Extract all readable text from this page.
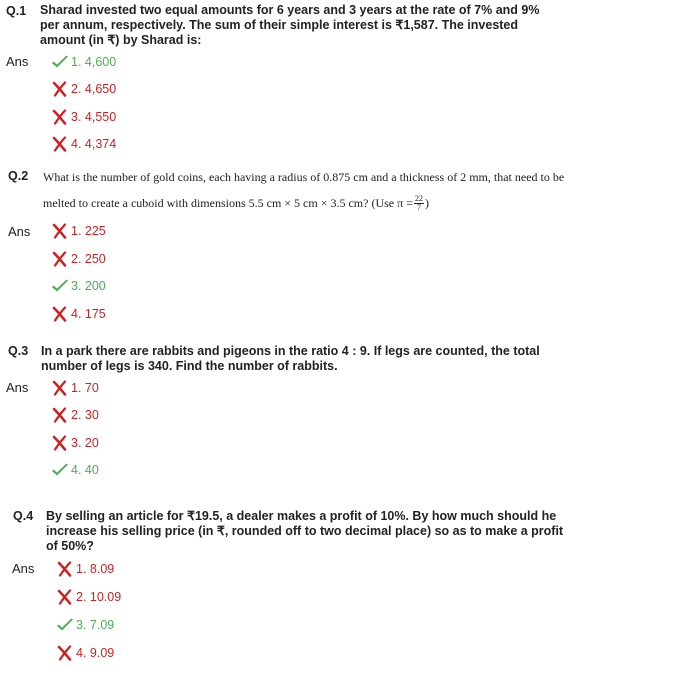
Q.1 Sharad invested two equal amounts for 6 years and 3 years at the rate of 7% and 9%
per annum, respectively. The sum of their simple interest is ₹1,587. The invested
amount (in ₹) by Sharad is:
Ans	1. 4,600
2. 4,650
3. 4,550
4. 4,374
Q.2 What is the number of gold coins, each having a radius of 0.875 cm and a thickness of 2 mm, that need to be
melted to create a cuboid with dimensions 5.5 cm × 5 cm × 3.5 cm? (Use $\pi = \frac{22}{7}$ )
Ans	1. 225
2. 250
3. 200
4. 175
Q.3 In a park there are rabbits and pigeons in the ratio 4 : 9. If legs are counted, the total
number of legs is 340. Find the number of rabbits.
Ans	1. 70
2. 30
3. 20
4. 40
Q.4 By selling an article for ₹19.5, a dealer makes a profit of 10%. By how much should he
increase his selling price (in ₹, rounded off to two decimal place) so as to make a profit
of 50%?
Ans	1. 8.09
2. 10.09
3. 7.09
4. 9.09
